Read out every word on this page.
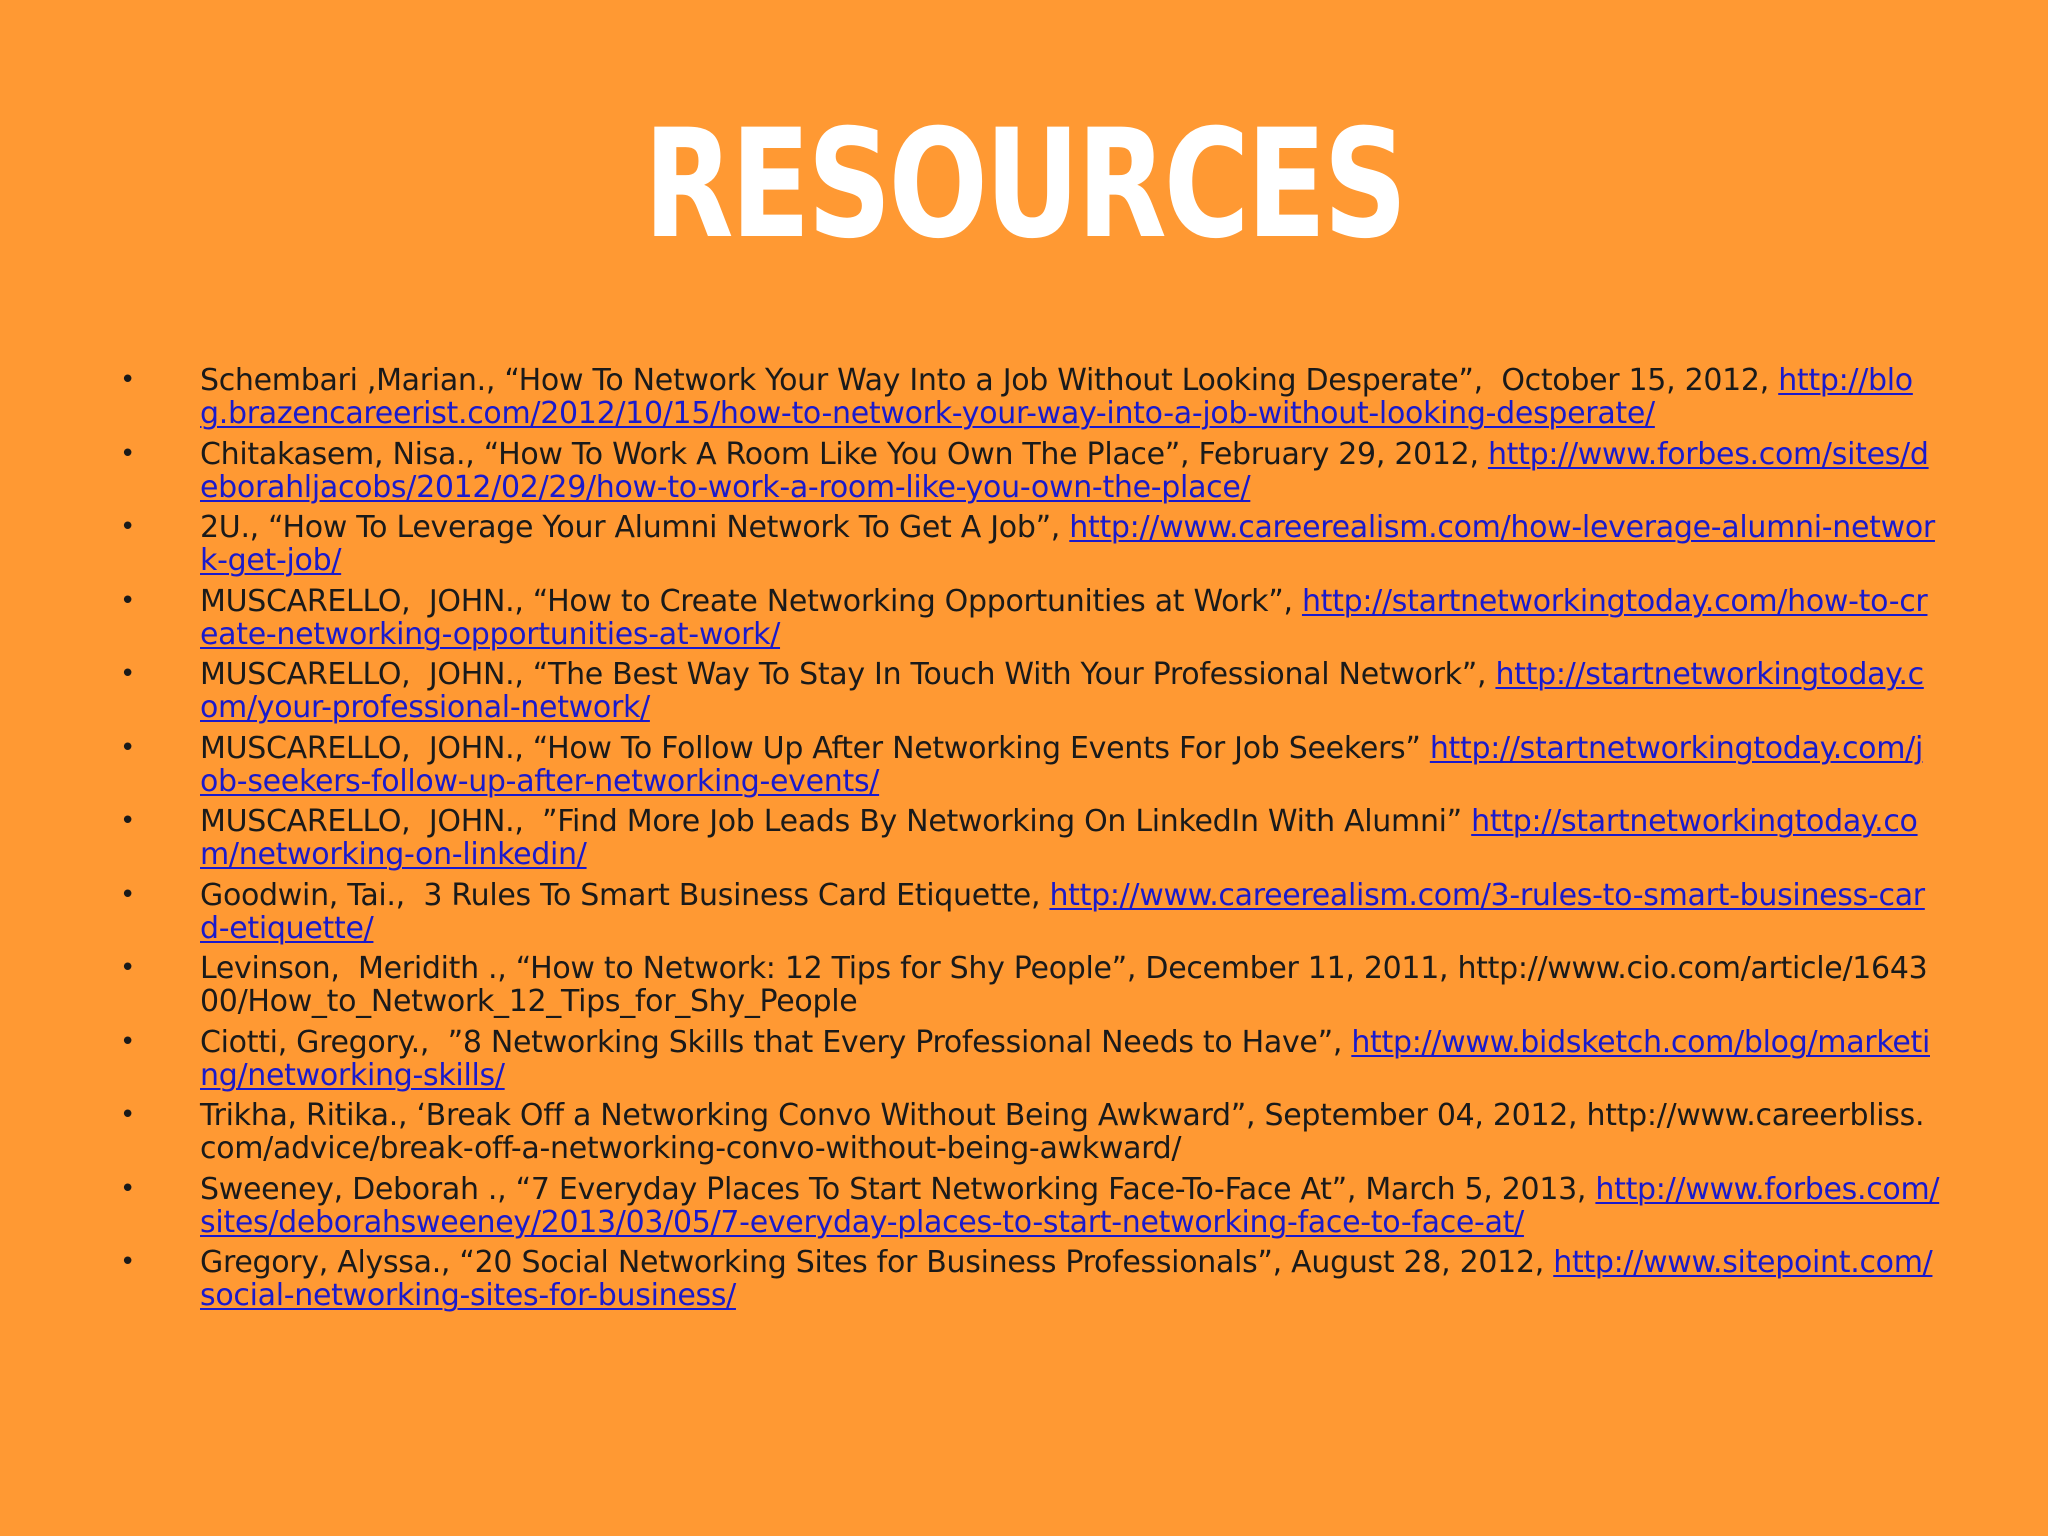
RESOURCES
• Schembari ,Marian., “How To Network Your Way Into a Job Without Looking Desperate”,  October 15, 2012, http://blog.brazencareerist.com/2012/10/15/how-to-network-your-way-into-a-job-without-looking-desperate/
• Chitakasem, Nisa., “How To Work A Room Like You Own The Place”, February 29, 2012, http://www.forbes.com/sites/deborahljacobs/2012/02/29/how-to-work-a-room-like-you-own-the-place/
• 2U., “How To Leverage Your Alumni Network To Get A Job”, http://www.careerealism.com/how-leverage-alumni-network-get-job/
• MUSCARELLO,  JOHN., “How to Create Networking Opportunities at Work”, http://startnetworkingtoday.com/how-to-create-networking-opportunities-at-work/
• MUSCARELLO,  JOHN., “The Best Way To Stay In Touch With Your Professional Network”, http://startnetworkingtoday.com/your-professional-network/
• MUSCARELLO,  JOHN., “How To Follow Up After Networking Events For Job Seekers” http://startnetworkingtoday.com/job-seekers-follow-up-after-networking-events/
• MUSCARELLO,  JOHN.,  ”Find More Job Leads By Networking On LinkedIn With Alumni” http://startnetworkingtoday.com/networking-on-linkedin/
• Goodwin, Tai.,  3 Rules To Smart Business Card Etiquette, http://www.careerealism.com/3-rules-to-smart-business-card-etiquette/
• Levinson,  Meridith ., “How to Network: 12 Tips for Shy People”, December 11, 2011, http://www.cio.com/article/164300/How_to_Network_12_Tips_for_Shy_People
• Ciotti, Gregory.,  ”8 Networking Skills that Every Professional Needs to Have”, http://www.bidsketch.com/blog/marketing/networking-skills/
• Trikha, Ritika., ‘Break Off a Networking Convo Without Being Awkward”, September 04, 2012, http://www.careerbliss.com/advice/break-off-a-networking-convo-without-being-awkward/
• Sweeney, Deborah ., “7 Everyday Places To Start Networking Face-To-Face At”, March 5, 2013, http://www.forbes.com/sites/deborahsweeney/2013/03/05/7-everyday-places-to-start-networking-face-to-face-at/
• Gregory, Alyssa., “20 Social Networking Sites for Business Professionals”, August 28, 2012, http://www.sitepoint.com/social-networking-sites-for-business/
